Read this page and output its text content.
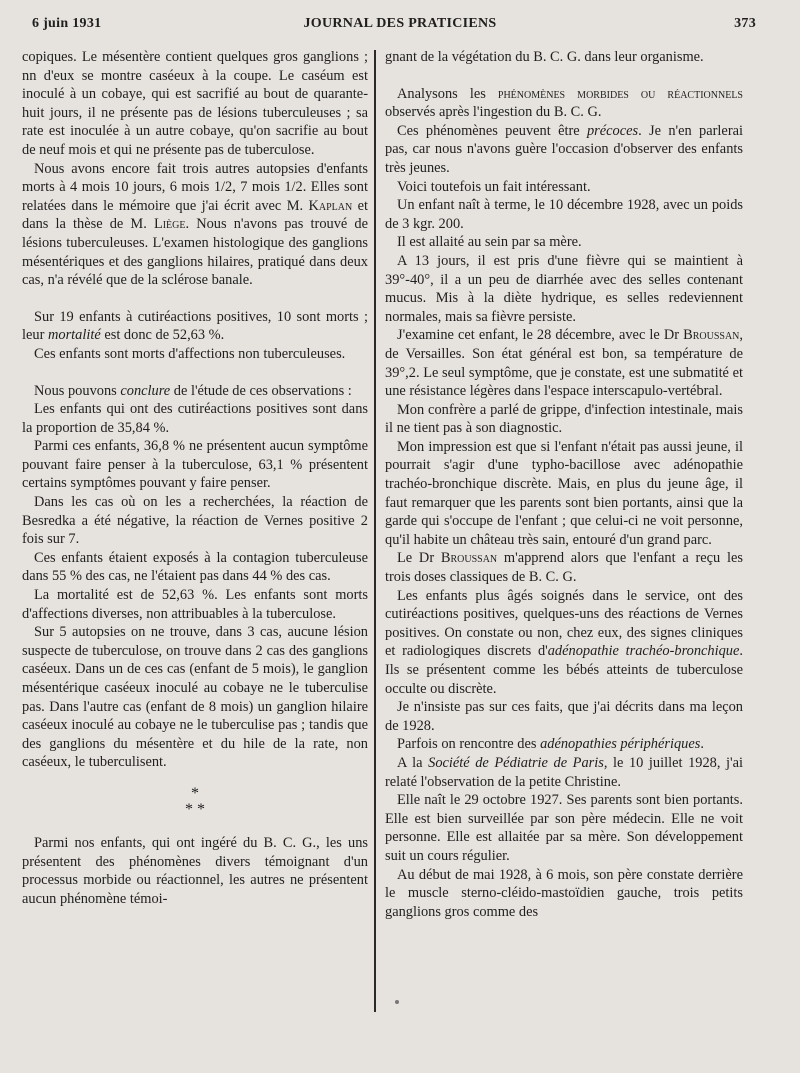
6 juin 1931	JOURNAL DES PRATICIENS	373

copiques. Le mésentère contient quelques gros ganglions ; nn d'eux se montre caséeux à la coupe. Le caséum est inoculé à un cobaye, qui est sacrifié au bout de quarante-huit jours, il ne présente pas de lésions tuberculeuses ; sa rate est inoculée à un autre cobaye, qu'on sacrifie au bout de neuf mois et qui ne présente pas de tuberculose.

Nous avons encore fait trois autres autopsies d'enfants morts à 4 mois 10 jours, 6 mois 1/2, 7 mois 1/2. Elles sont relatées dans le mémoire que j'ai écrit avec M. Kaplan et dans la thèse de M. Liège. Nous n'avons pas trouvé de lésions tuberculeuses. L'examen histologique des ganglions mésentériques et des ganglions hilaires, pratiqué dans deux cas, n'a révélé que de la sclérose banale.

Sur 19 enfants à cutiréactions positives, 10 sont morts ; leur mortalité est donc de 52,63 %.

Ces enfants sont morts d'affections non tuberculeuses.

Nous pouvons conclure de l'étude de ces observations :

Les enfants qui ont des cutiréactions positives sont dans la proportion de 35,84 %.

Parmi ces enfants, 36,8 % ne présentent aucun symptôme pouvant faire penser à la tuberculose, 63,1 % présentent certains symptômes pouvant y faire penser.

Dans les cas où on les a recherchées, la réaction de Besredka a été négative, la réaction de Vernes positive 2 fois sur 7.

Ces enfants étaient exposés à la contagion tuberculeuse dans 55 % des cas, ne l'étaient pas dans 44 % des cas.

La mortalité est de 52,63 %. Les enfants sont morts d'affections diverses, non attribuables à la tuberculose.

Sur 5 autopsies on ne trouve, dans 3 cas, aucune lésion suspecte de tuberculose, on trouve dans 2 cas des ganglions caséeux. Dans un de ces cas (enfant de 5 mois), le ganglion mésentérique caséeux inoculé au cobaye ne le tuberculise pas. Dans l'autre cas (enfant de 8 mois) un ganglion hilaire caséeux inoculé au cobaye ne le tuberculise pas ; tandis que des ganglions du mésentère et du hile de la rate, non caséeux, le tuberculisent.

*
* *

Parmi nos enfants, qui ont ingéré du B. C. G., les uns présentent des phénomènes divers témoignant d'un processus morbide ou réactionnel, les autres ne présentent aucun phénomène témoi-

gnant de la végétation du B. C. G. dans leur organisme.

Analysons les phénomènes morbides ou réactionnels observés après l'ingestion du B. C. G.

Ces phénomènes peuvent être précoces. Je n'en parlerai pas, car nous n'avons guère l'occasion d'observer des enfants très jeunes.

Voici toutefois un fait intéressant.

Un enfant naît à terme, le 10 décembre 1928, avec un poids de 3 kgr. 200.

Il est allaité au sein par sa mère.

A 13 jours, il est pris d'une fièvre qui se maintient à 39°-40°, il a un peu de diarrhée avec des selles contenant mucus. Mis à la diète hydrique, es selles redeviennent normales, mais sa fièvre persiste.

J'examine cet enfant, le 28 décembre, avec le Dr Broussan, de Versailles. Son état général est bon, sa température de 39°,2. Le seul symptôme, que je constate, est une submatité et une résistance légères dans l'espace interscapulo-vertébral.

Mon confrère a parlé de grippe, d'infection intestinale, mais il ne tient pas à son diagnostic.

Mon impression est que si l'enfant n'était pas aussi jeune, il pourrait s'agir d'une typho-bacillose avec adénopathie trachéo-bronchique discrète. Mais, en plus du jeune âge, il faut remarquer que les parents sont bien portants, ainsi que la garde qui s'occupe de l'enfant ; que celui-ci ne voit personne, qu'il habite un château très sain, entouré d'un grand parc.

Le Dr Broussan m'apprend alors que l'enfant a reçu les trois doses classiques de B. C. G.

Les enfants plus âgés soignés dans le service, ont des cutiréactions positives, quelques-uns des réactions de Vernes positives. On constate ou non, chez eux, des signes cliniques et radiologiques discrets d'adénopathie trachéo-bronchique. Ils se présentent comme les bébés atteints de tuberculose occulte ou discrète.

Je n'insiste pas sur ces faits, que j'ai décrits dans ma leçon de 1928.

Parfois on rencontre des adénopathies périphériques.

A la Société de Pédiatrie de Paris, le 10 juillet 1928, j'ai relaté l'observation de la petite Christine.

Elle naît le 29 octobre 1927. Ses parents sont bien portants. Elle est bien surveillée par son père médecin. Elle ne voit personne. Elle est allaitée par sa mère. Son développement suit un cours régulier.

Au début de mai 1928, à 6 mois, son père constate derrière le muscle sterno-cléido-mastoïdien gauche, trois petits ganglions gros comme des
